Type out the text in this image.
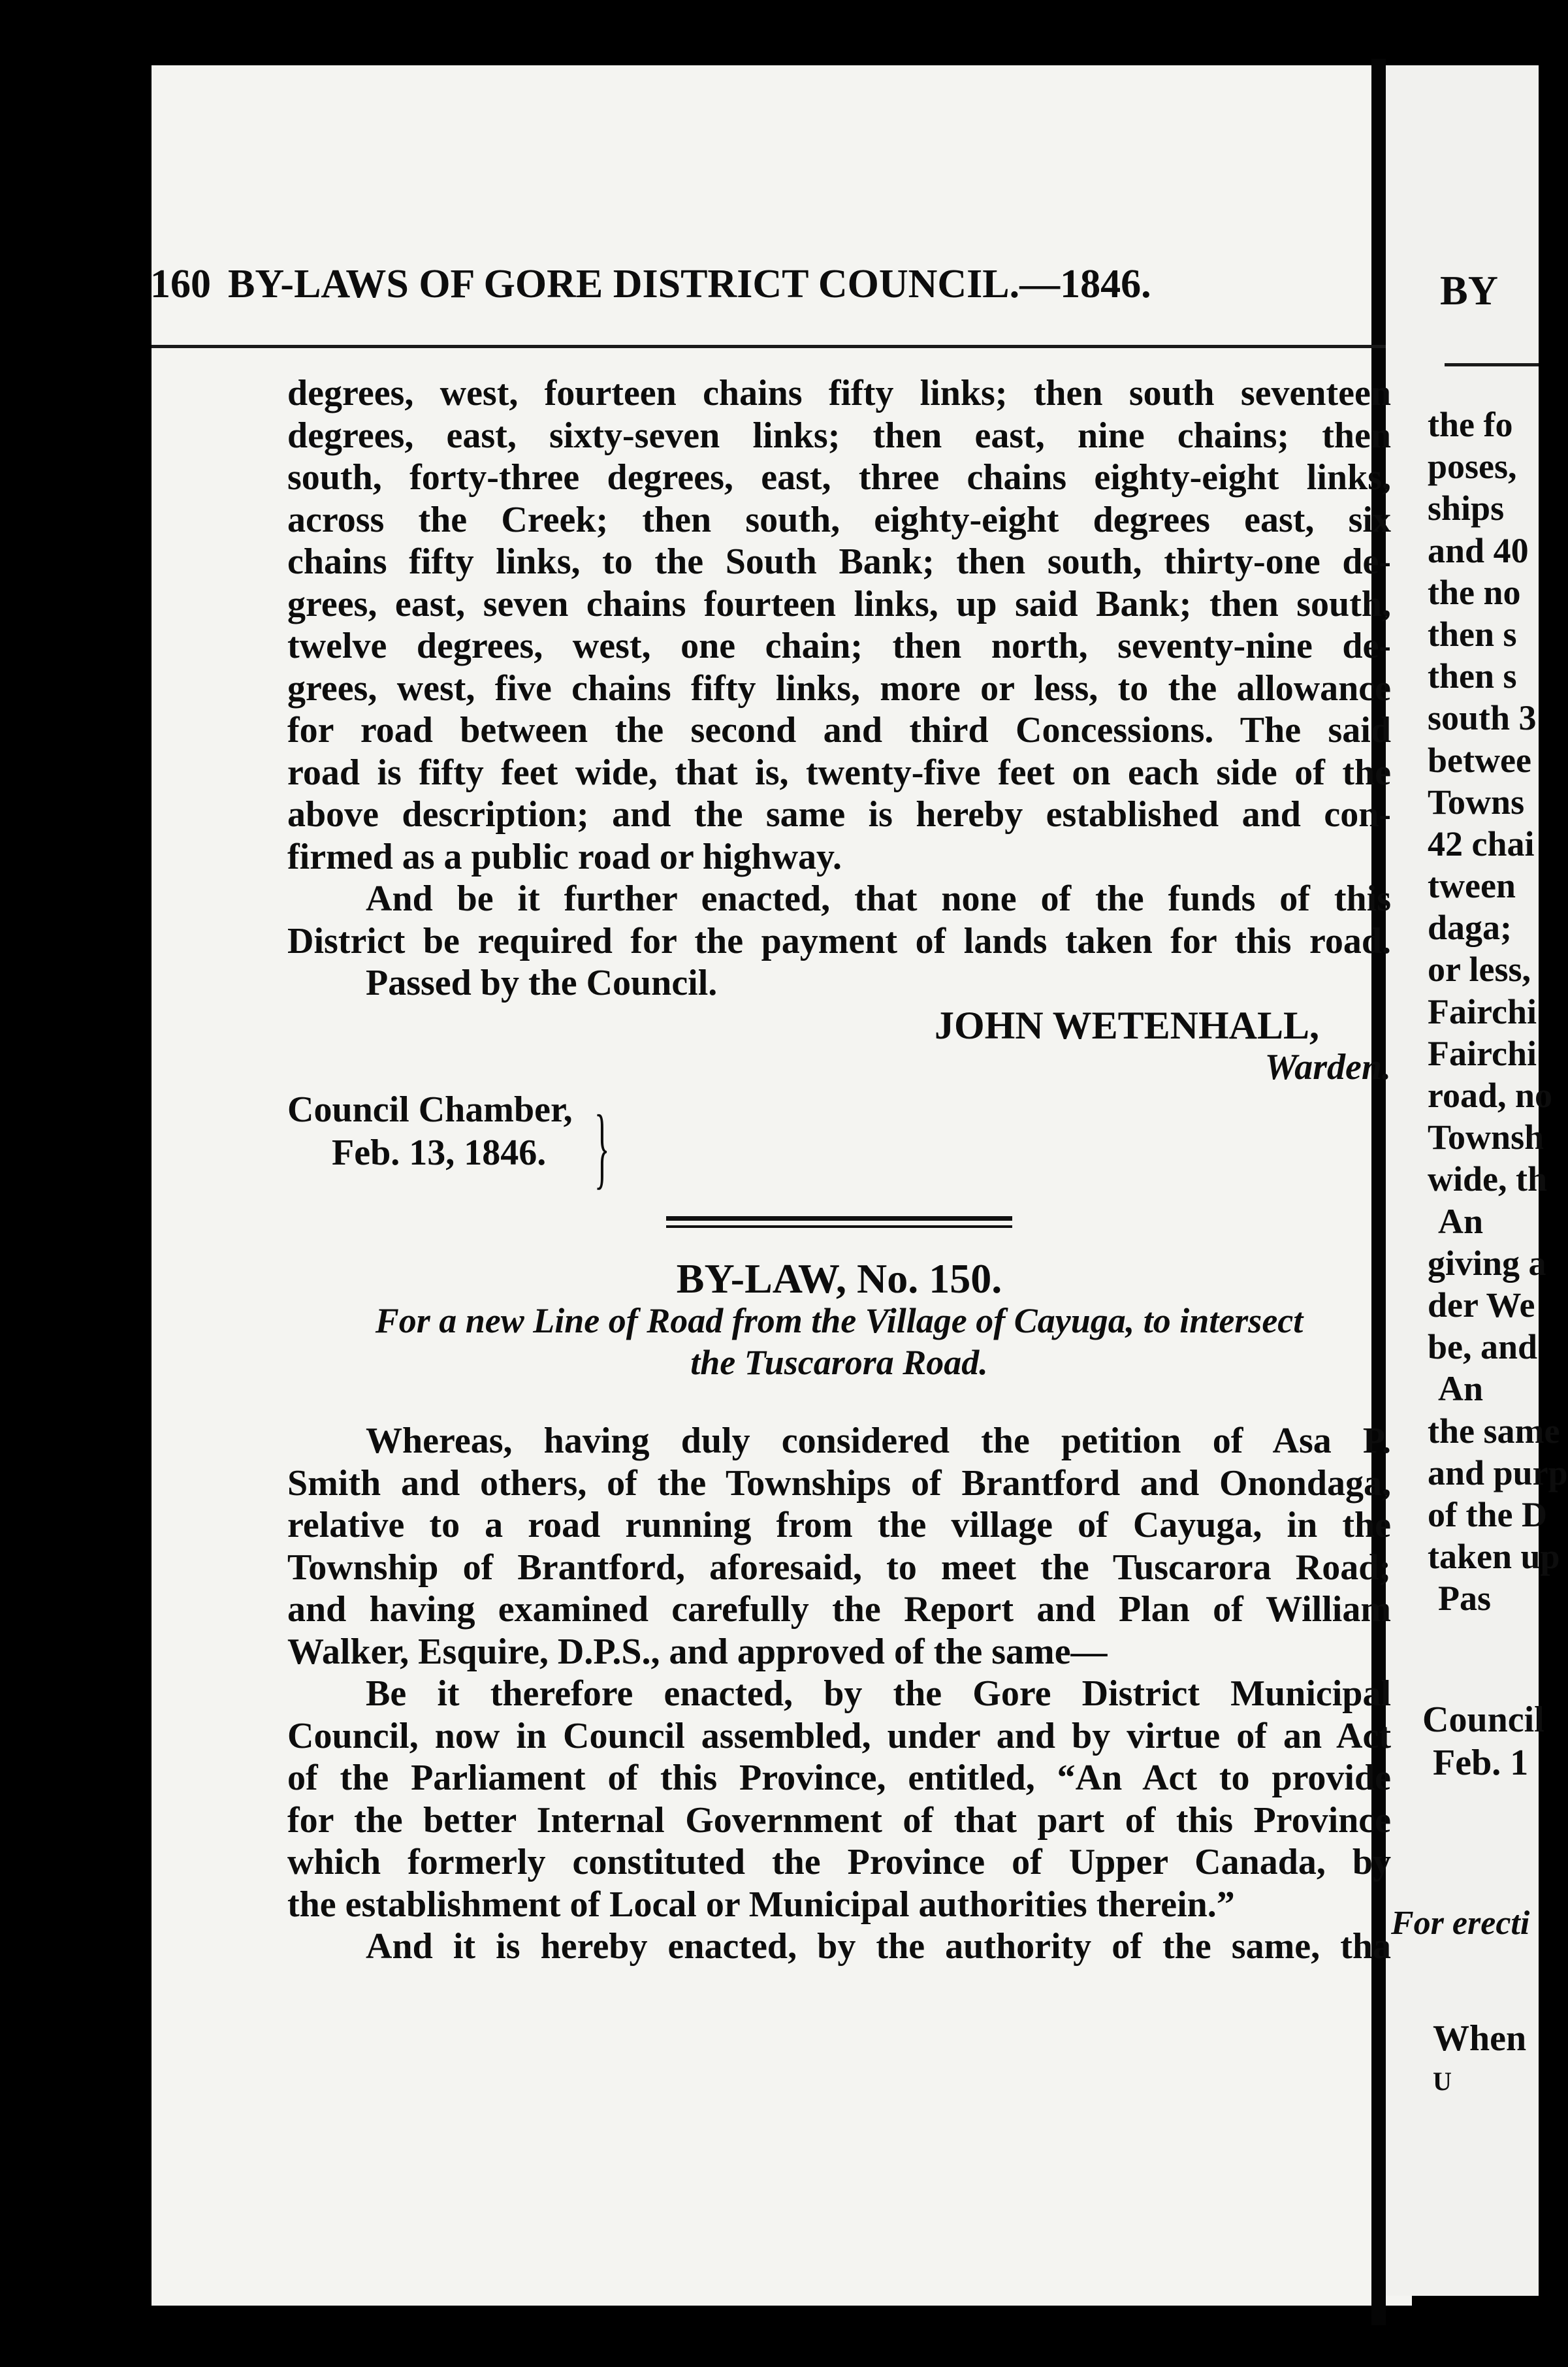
160 BY-LAWS OF GORE DISTRICT COUNCIL.—1846.

degrees, west, fourteen chains fifty links; then south seventeen

degrees, east, sixty-seven links; then east, nine chains; then

south, forty-three degrees, east, three chains eighty-eight links,

across the Creek; then south, eighty-eight degrees east, six

chains fifty links, to the South Bank; then south, thirty-one de-

grees, east, seven chains fourteen links, up said Bank; then south,

twelve degrees, west, one chain; then north, seventy-nine de-

grees, west, five chains fifty links, more or less, to the allowance

for road between the second and third Concessions. The said

road is fifty feet wide, that is, twenty-five feet on each side of the

above description; and the same is hereby established and con-

firmed as a public road or highway.

And be it further enacted, that none of the funds of this

District be required for the payment of lands taken for this road.

Passed by the Council.

JOHN WETENHALL,

Warden.

Council Chamber,
Feb. 13, 1846. }

BY-LAW, No. 150.

For a new Line of Road from the Village of Cayuga, to intersect
the Tuscarora Road.

Whereas, having duly considered the petition of Asa P.

Smith and others, of the Townships of Brantford and Onondaga,

relative to a road running from the village of Cayuga, in the

Township of Brantford, aforesaid, to meet the Tuscarora Road;

and having examined carefully the Report and Plan of William

Walker, Esquire, D.P.S., and approved of the same—

Be it therefore enacted, by the Gore District Municipal

Council, now in Council assembled, under and by virtue of an Act

of the Parliament of this Province, entitled, “An Act to provide

for the better Internal Government of that part of this Province

which formerly constituted the Province of Upper Canada, by

the establishment of Local or Municipal authorities therein.”

And it is hereby enacted, by the authority of the same, tha

BY
the fo
poses,
ships
and 40
the no
then s
then s
south 3
betwee
Towns
42 chai
tween
daga;
or less,
Fairchi
Fairchi
road, no
Townsh
wide, th
An
giving a
der We
be, and
An
the same
and purp
of the D
taken up
Pas
Council
Feb. 1
For erecti
When
U
